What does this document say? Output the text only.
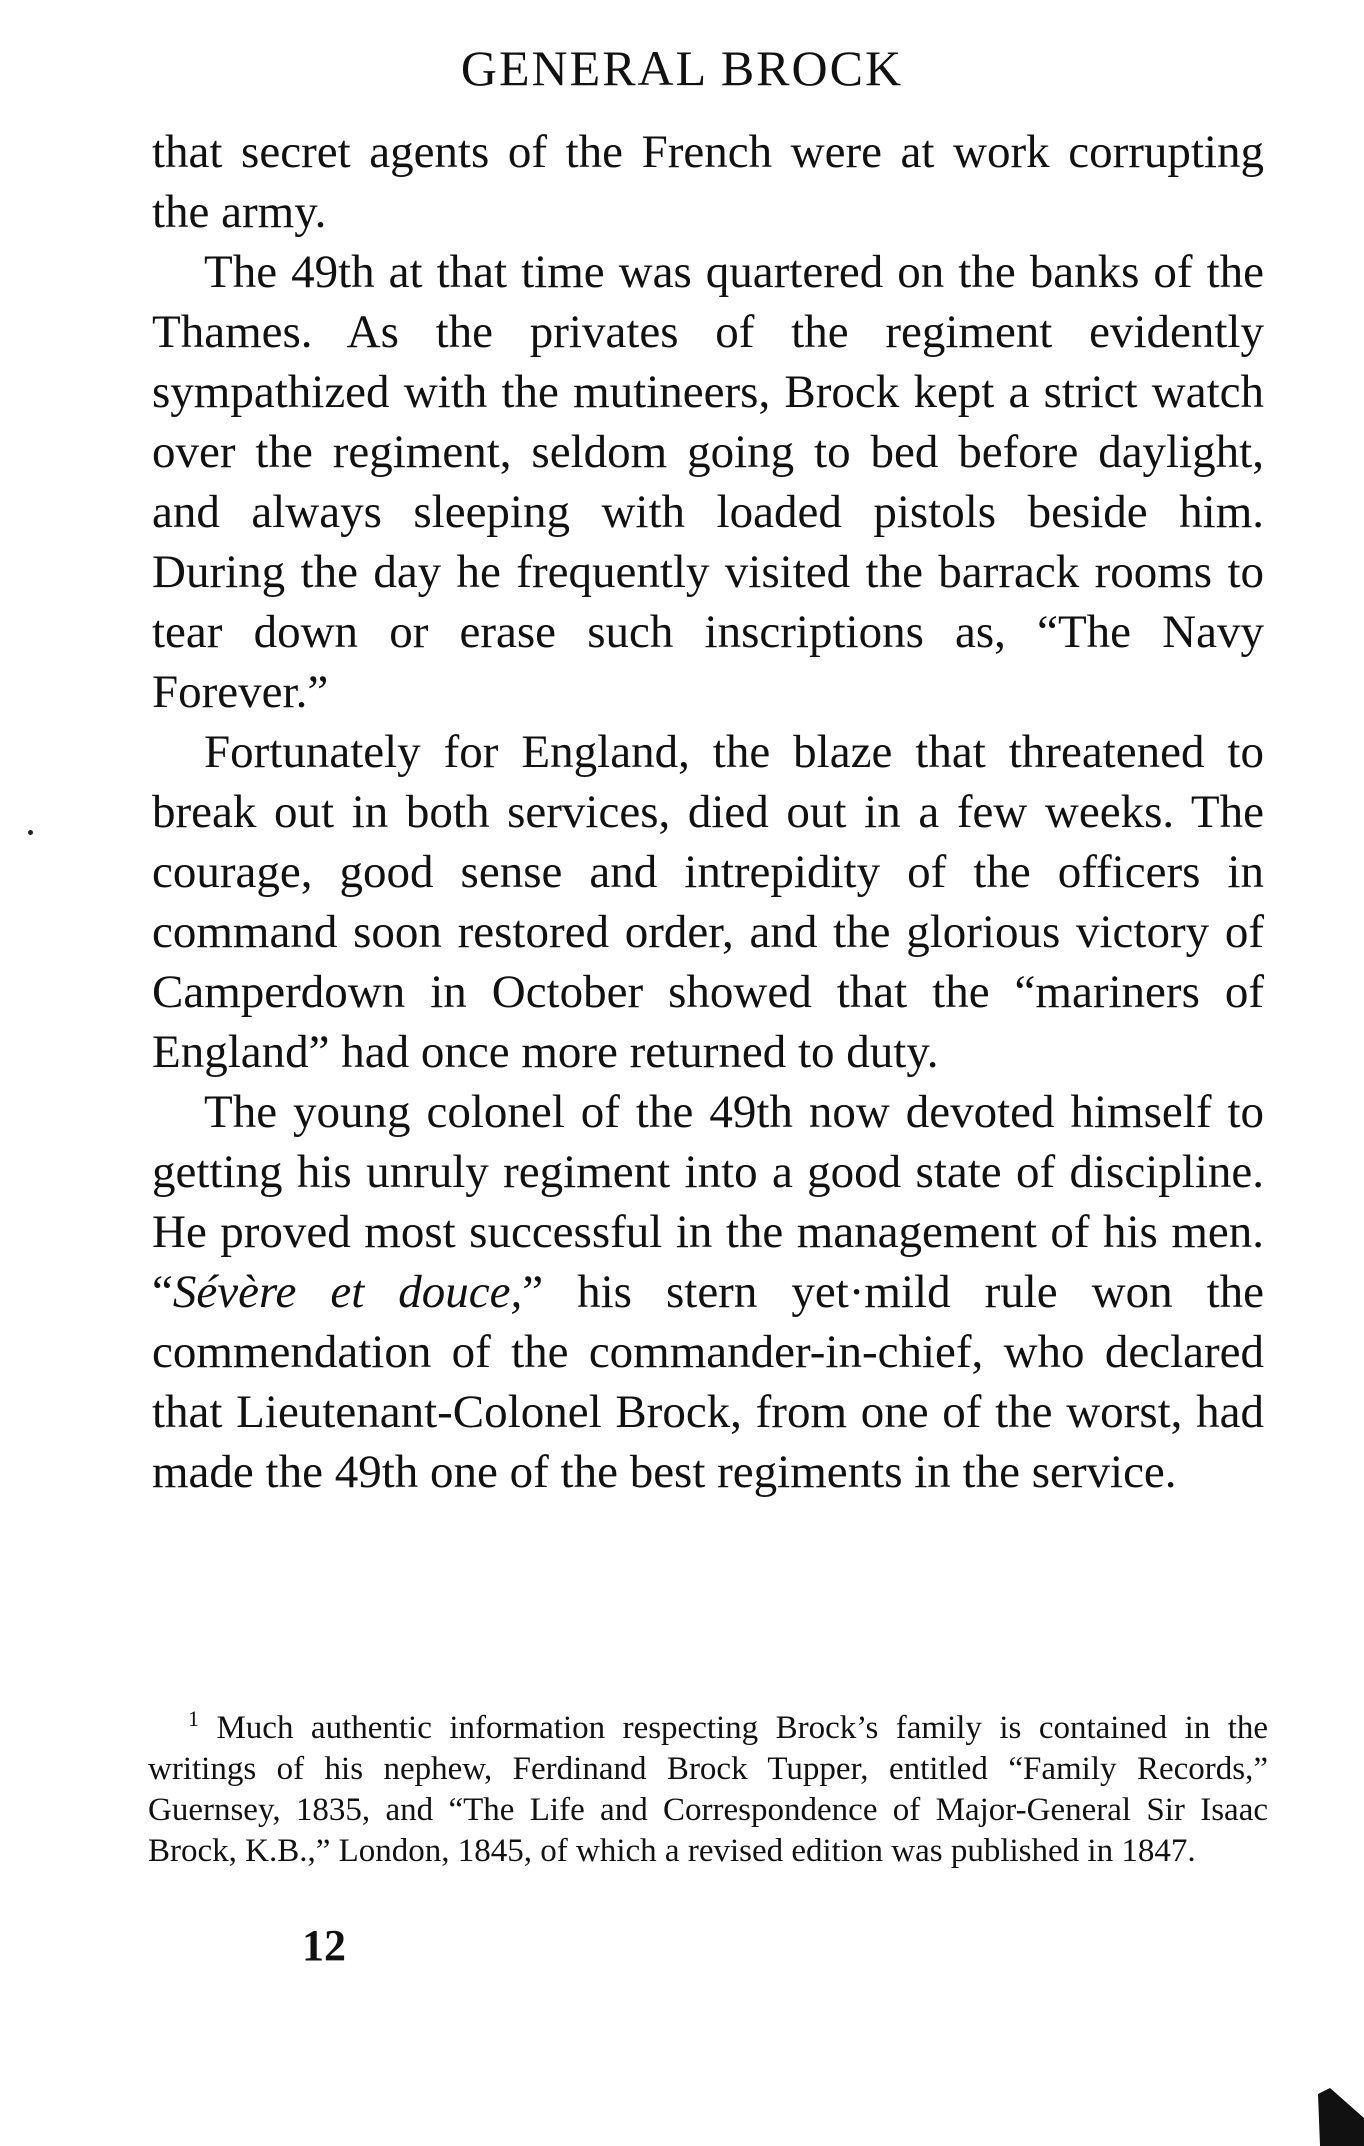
GENERAL BROCK

that secret agents of the French were at work corrupting the army.

The 49th at that time was quartered on the banks of the Thames. As the privates of the regiment evidently sympathized with the mutineers, Brock kept a strict watch over the regiment, seldom going to bed before daylight, and always sleeping with loaded pistols beside him. During the day he frequently visited the barrack rooms to tear down or erase such inscriptions as, “The Navy Forever.”

Fortunately for England, the blaze that threatened to break out in both services, died out in a few weeks. The courage, good sense and intrepidity of the officers in command soon restored order, and the glorious victory of Camperdown in October showed that the “mariners of England” had once more returned to duty.

The young colonel of the 49th now devoted himself to getting his unruly regiment into a good state of discipline. He proved most successful in the management of his men. “Sévère et douce,” his stern yet·mild rule won the commendation of the commander-in-chief, who declared that Lieutenant-Colonel Brock, from one of the worst, had made the 49th one of the best regiments in the service.

$^1$ Much authentic information respecting Brock’s family is contained in the writings of his nephew, Ferdinand Brock Tupper, entitled “Family Records,” Guernsey, 1835, and “The Life and Correspondence of Major-General Sir Isaac Brock, K.B.,” London, 1845, of which a revised edition was published in 1847.

12
